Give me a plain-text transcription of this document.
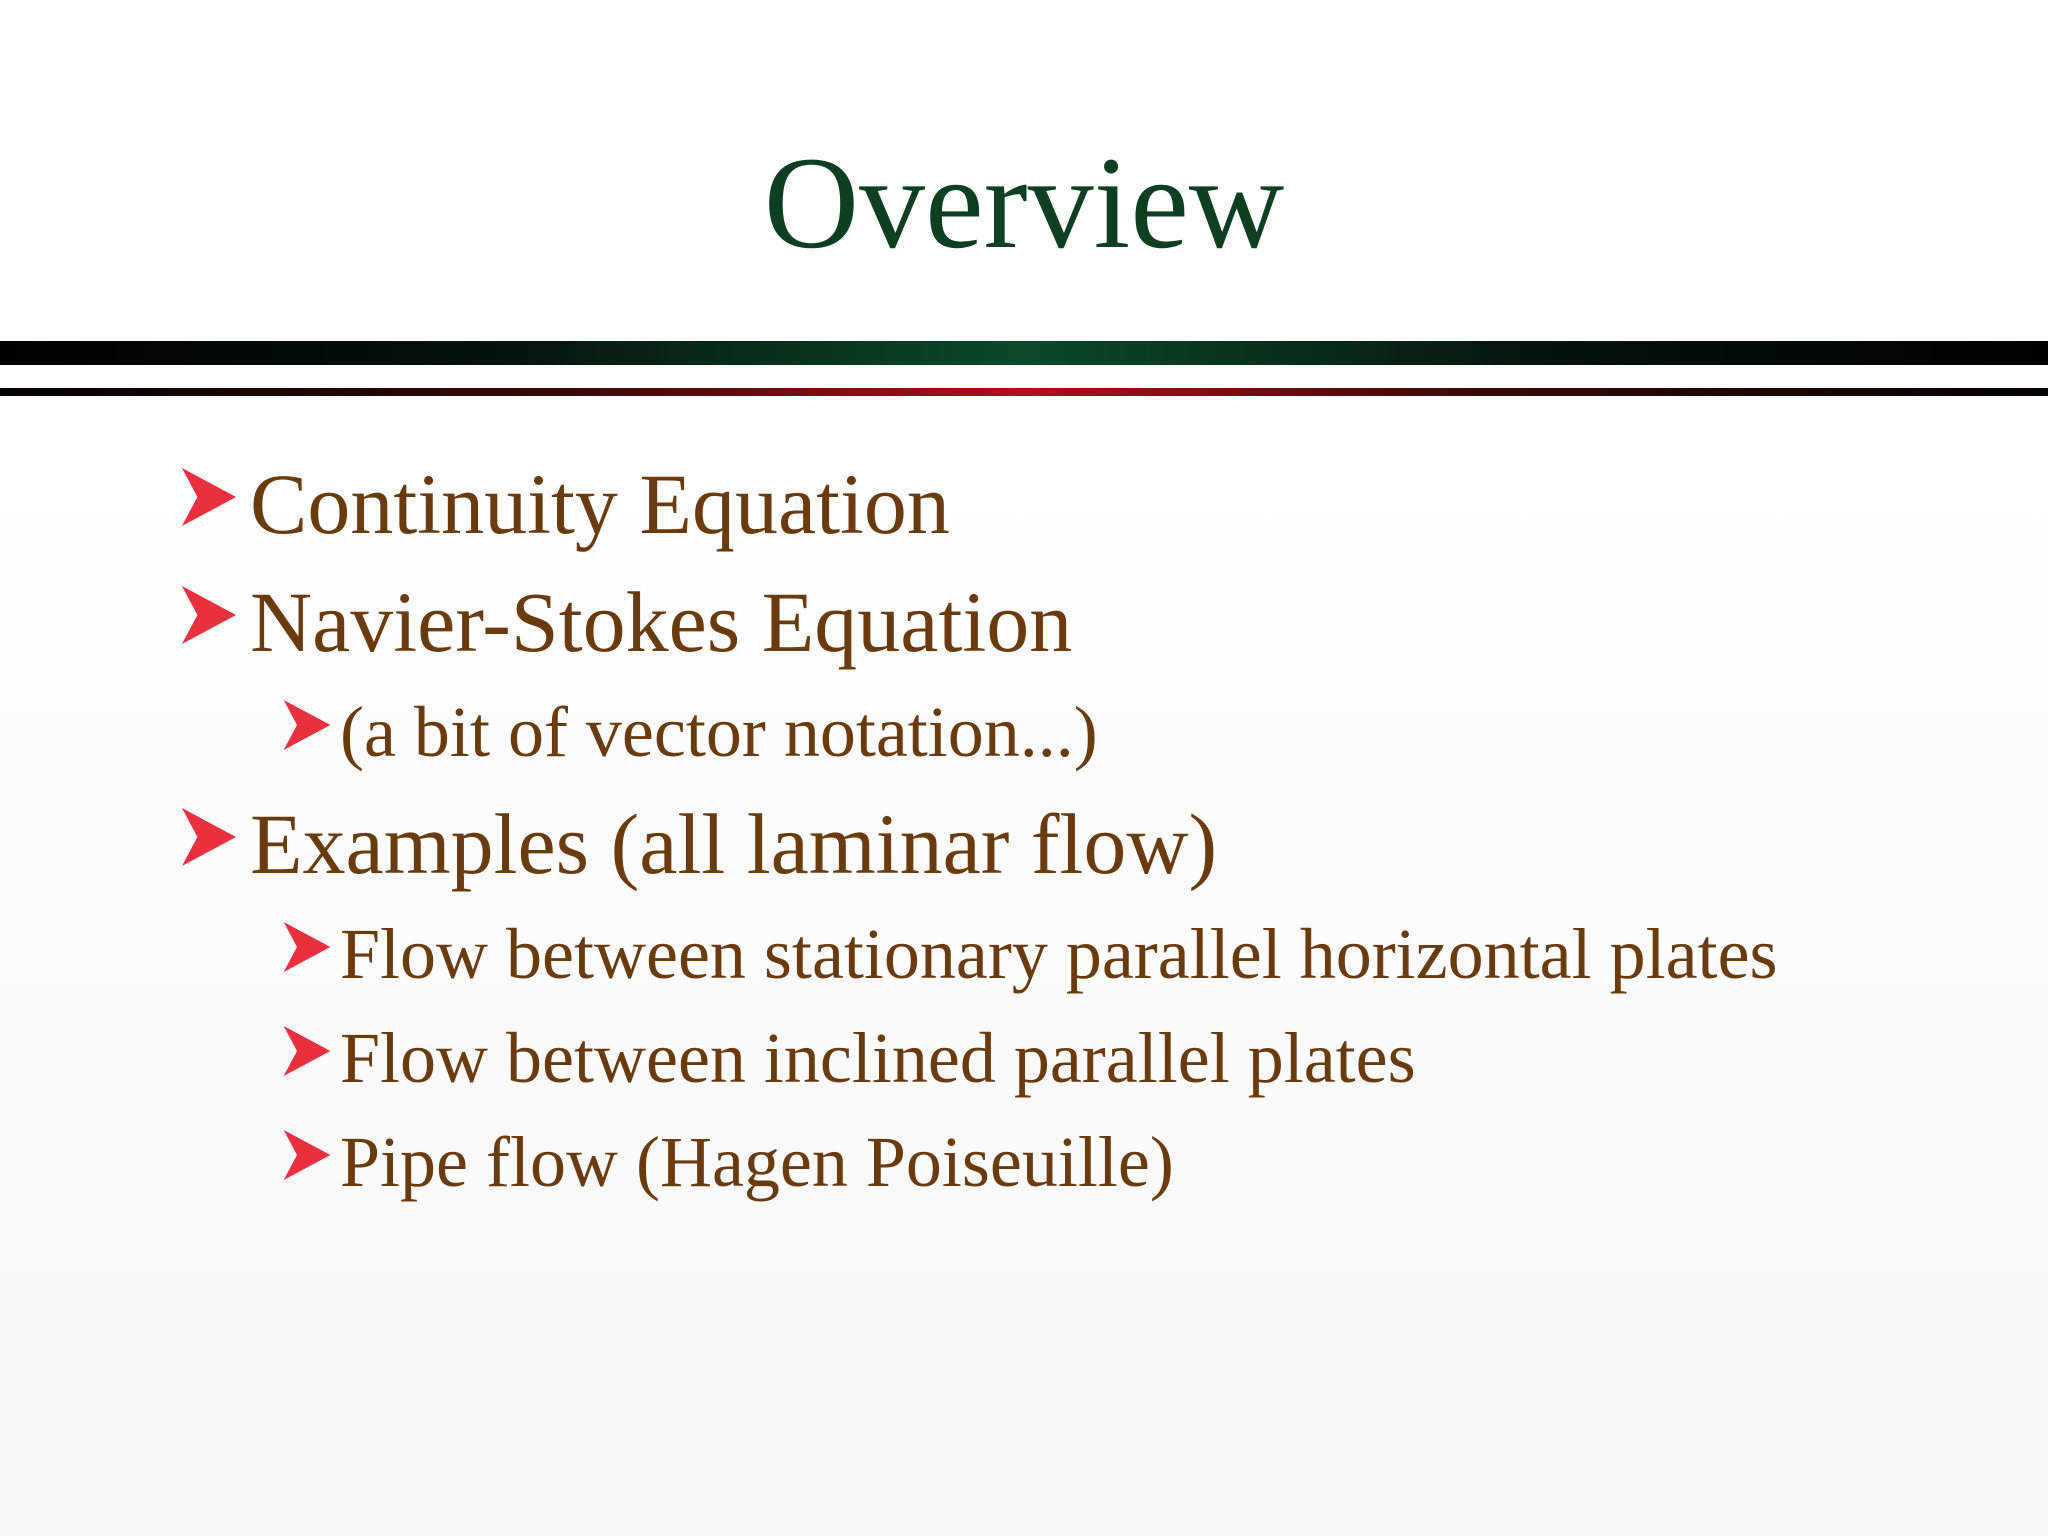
Overview
Continuity Equation
Navier-Stokes Equation
(a bit of vector notation...)
Examples (all laminar flow)
Flow between stationary parallel horizontal plates
Flow between inclined parallel plates
Pipe flow (Hagen Poiseuille)
